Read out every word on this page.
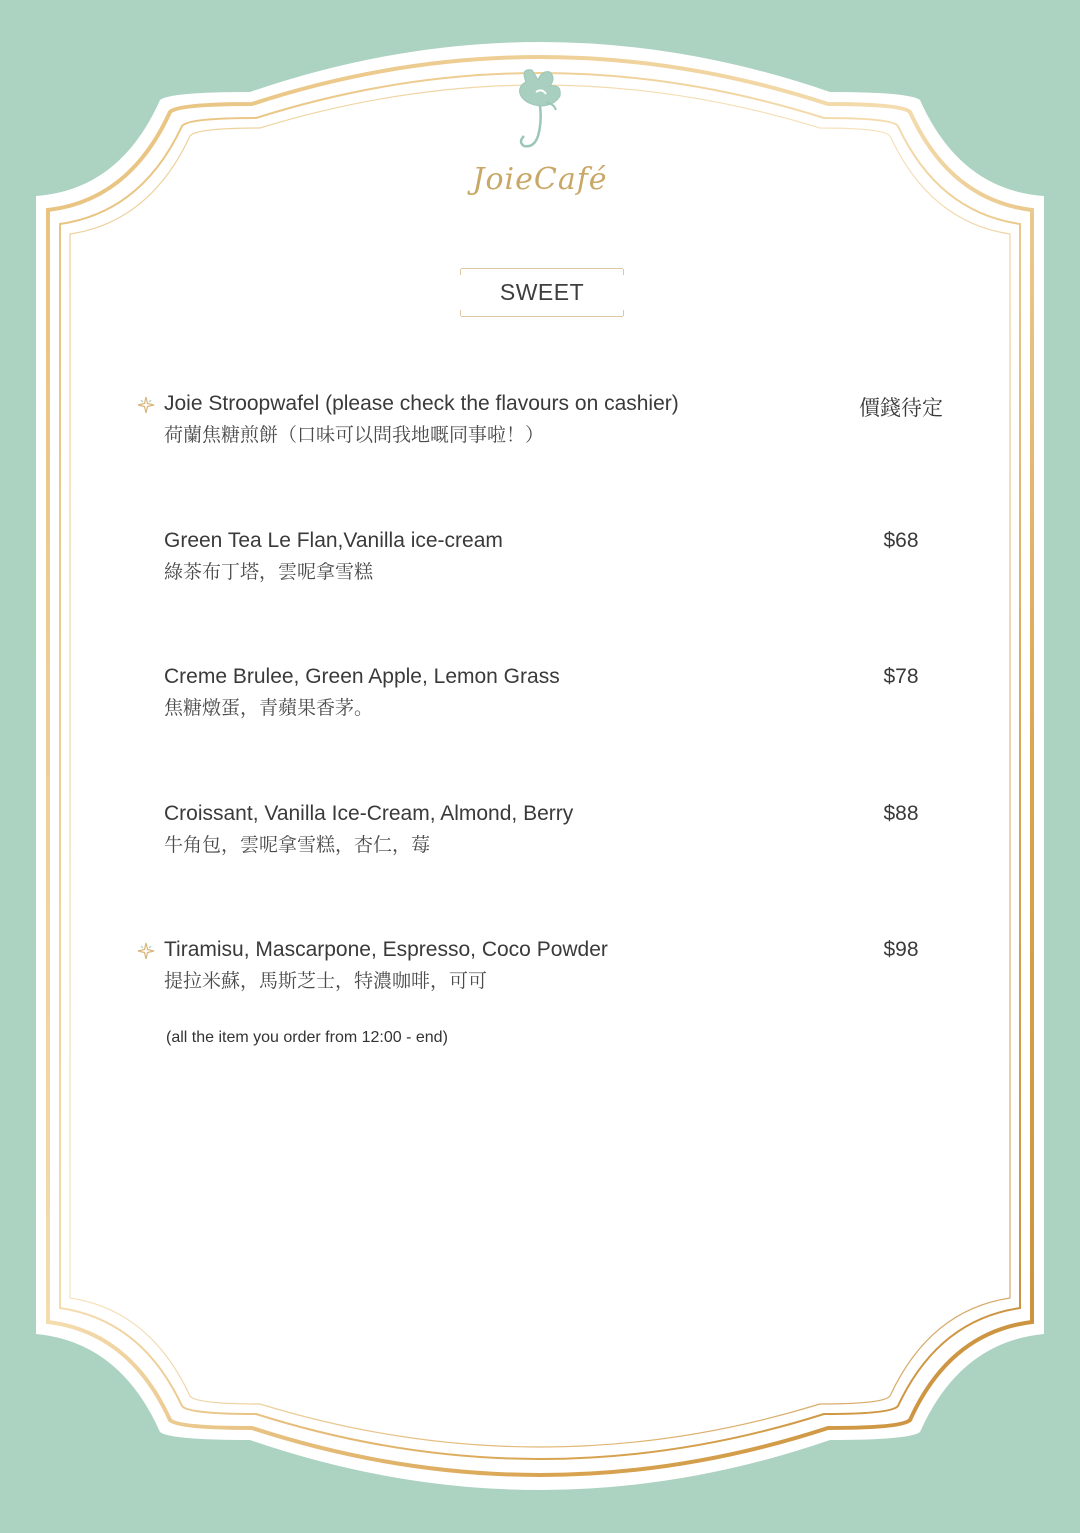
JoieCafé
SWEET
Joie Stroopwafel (please check the flavours on cashier)
荷蘭焦糖煎餅（口味可以問我地嘅同事啦！）
價錢待定
Green Tea Le Flan,Vanilla ice-cream
綠茶布丁塔，雲呢拿雪糕
$68
Creme Brulee, Green Apple, Lemon Grass
焦糖燉蛋，青蘋果香茅。
$78
Croissant, Vanilla Ice-Cream, Almond, Berry
牛角包，雲呢拿雪糕，杏仁，莓
$88
Tiramisu, Mascarpone, Espresso, Coco Powder
提拉米蘇，馬斯芝士，特濃咖啡，可可
$98
(all the item you order from 12:00 - end)
